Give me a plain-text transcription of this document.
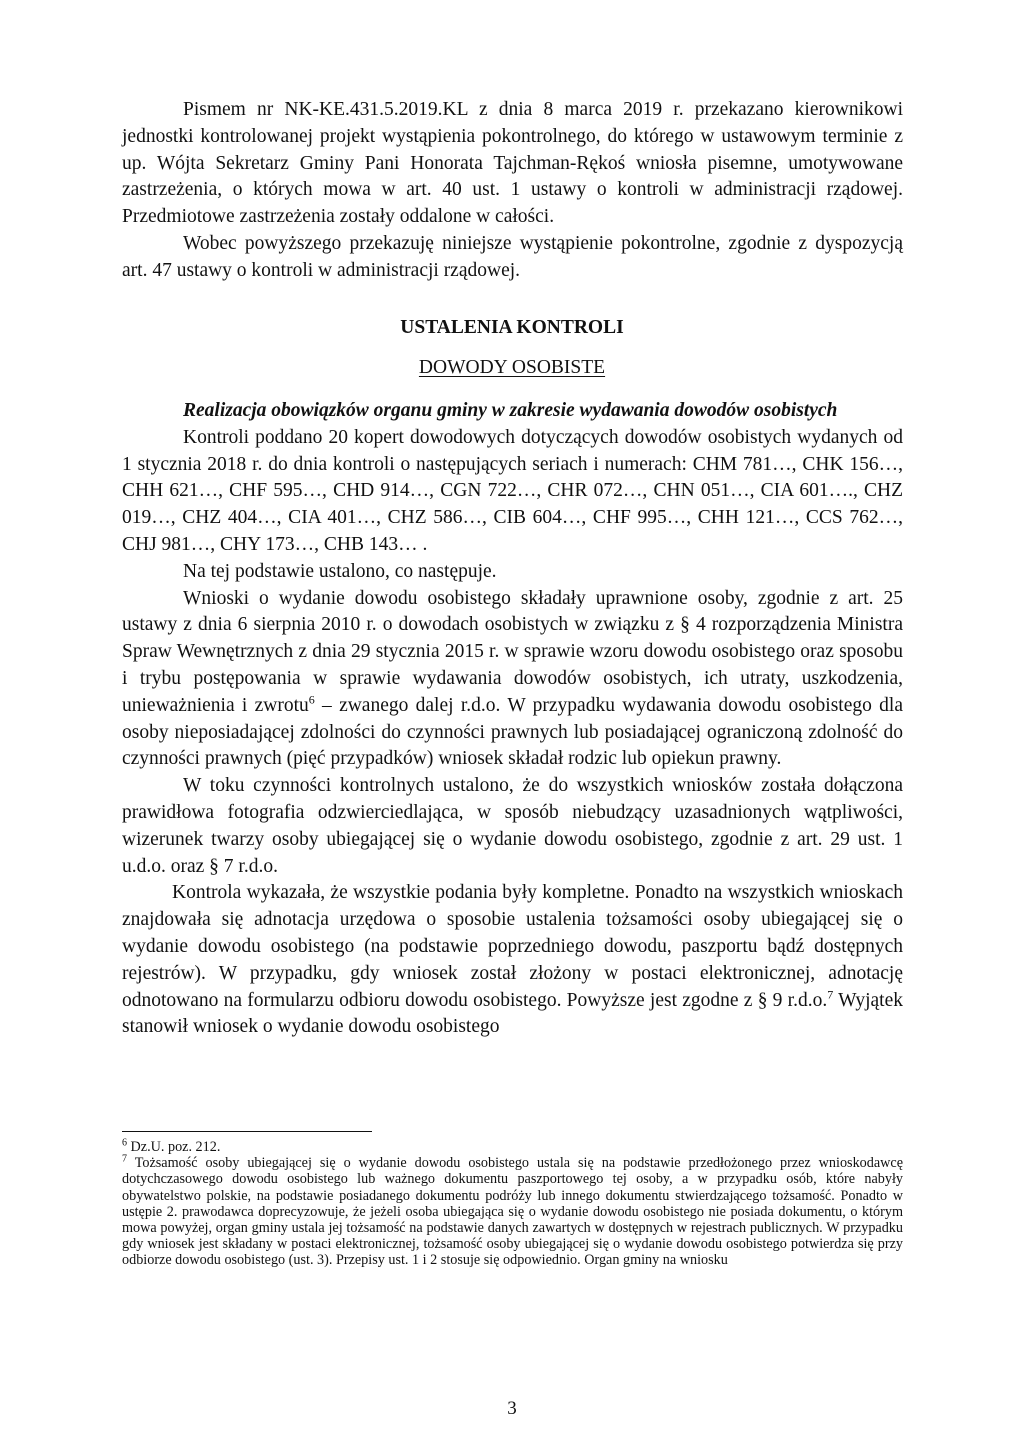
Pismem nr NK-KE.431.5.2019.KL z dnia 8 marca 2019 r. przekazano kierownikowi jednostki kontrolowanej projekt wystąpienia pokontrolnego, do którego w ustawowym terminie z up. Wójta Sekretarz Gminy Pani Honorata Tajchman-Rękoś wniosła pisemne, umotywowane zastrzeżenia, o których mowa w art. 40 ust. 1 ustawy o kontroli w administracji rządowej. Przedmiotowe zastrzeżenia zostały oddalone w całości.

Wobec powyższego przekazuję niniejsze wystąpienie pokontrolne, zgodnie z dyspozycją art. 47 ustawy o kontroli w administracji rządowej.

USTALENIA KONTROLI
DOWODY OSOBISTE

Realizacja obowiązków organu gminy w zakresie wydawania dowodów osobistych

Kontroli poddano 20 kopert dowodowych dotyczących dowodów osobistych wydanych od 1 stycznia 2018 r. do dnia kontroli o następujących seriach i numerach: CHM 781…, CHK 156…, CHH 621…, CHF 595…, CHD 914…, CGN 722…, CHR 072…, CHN 051…, CIA 601…., CHZ 019…, CHZ 404…, CIA 401…, CHZ 586…, CIB 604…, CHF 995…, CHH 121…, CCS 762…, CHJ 981…, CHY 173…, CHB 143… .

Na tej podstawie ustalono, co następuje.

Wnioski o wydanie dowodu osobistego składały uprawnione osoby, zgodnie z art. 25 ustawy z dnia 6 sierpnia 2010 r. o dowodach osobistych w związku z § 4 rozporządzenia Ministra Spraw Wewnętrznych z dnia 29 stycznia 2015 r. w sprawie wzoru dowodu osobistego oraz sposobu i trybu postępowania w sprawie wydawania dowodów osobistych, ich utraty, uszkodzenia, unieważnienia i zwrotu$^6$ – zwanego dalej r.d.o. W przypadku wydawania dowodu osobistego dla osoby nieposiadającej zdolności do czynności prawnych lub posiadającej ograniczoną zdolność do czynności prawnych (pięć przypadków) wniosek składał rodzic lub opiekun prawny.

W toku czynności kontrolnych ustalono, że do wszystkich wniosków została dołączona prawidłowa fotografia odzwierciedlająca, w sposób niebudzący uzasadnionych wątpliwości, wizerunek twarzy osoby ubiegającej się o wydanie dowodu osobistego, zgodnie z art. 29 ust. 1 u.d.o. oraz § 7 r.d.o.

Kontrola wykazała, że wszystkie podania były kompletne. Ponadto na wszystkich wnioskach znajdowała się adnotacja urzędowa o sposobie ustalenia tożsamości osoby ubiegającej się o wydanie dowodu osobistego (na podstawie poprzedniego dowodu, paszportu bądź dostępnych rejestrów). W przypadku, gdy wniosek został złożony w postaci elektronicznej, adnotację odnotowano na formularzu odbioru dowodu osobistego. Powyższe jest zgodne z § 9 r.d.o.$^7$ Wyjątek stanowił wniosek o wydanie dowodu osobistego

$^6$ Dz.U. poz. 212.

$^7$ Tożsamość osoby ubiegającej się o wydanie dowodu osobistego ustala się na podstawie przedłożonego przez wnioskodawcę dotychczasowego dowodu osobistego lub ważnego dokumentu paszportowego tej osoby, a w przypadku osób, które nabyły obywatelstwo polskie, na podstawie posiadanego dokumentu podróży lub innego dokumentu stwierdzającego tożsamość. Ponadto w ustępie 2. prawodawca doprecyzowuje, że jeżeli osoba ubiegająca się o wydanie dowodu osobistego nie posiada dokumentu, o którym mowa powyżej, organ gminy ustala jej tożsamość na podstawie danych zawartych w dostępnych w rejestrach publicznych. W przypadku gdy wniosek jest składany w postaci elektronicznej, tożsamość osoby ubiegającej się o wydanie dowodu osobistego potwierdza się przy odbiorze dowodu osobistego (ust. 3). Przepisy ust. 1 i 2 stosuje się odpowiednio. Organ gminy na wniosku

3
